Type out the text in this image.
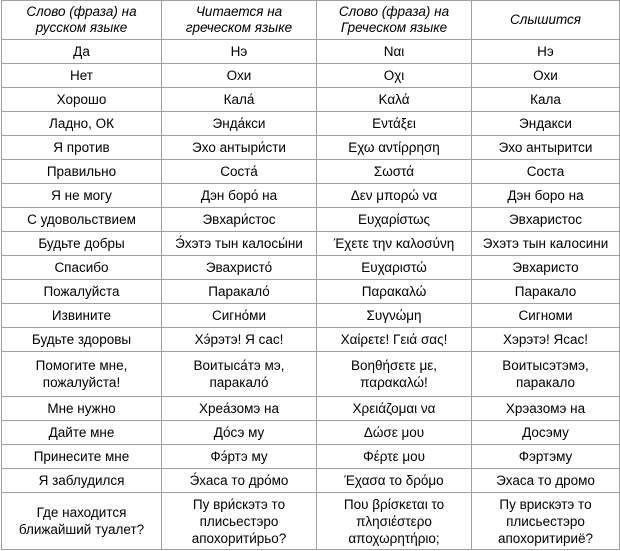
Слово (фраза) на русском языке	Читается на греческом языке	Слово (фраза) на Греческом языке	Слышится
Да	Нэ	Ναι	Нэ
Нет	Охи	Οχι	Охи
Хорошо	Кала́	Καλά	Кала
Ладно, ОК	Энда́кси	Εντάξει	Эндакси
Я против	Эхо антыри́сти	Εχω αντίρρηση	Эхо антыритси
Правильно	Соста́	Σωστά	Соста
Я не могу	Дэн боро́ на	Δεν μπορώ να	Дэн боро на
С удовольствием	Эвхари́стос	Ευχαρίστως	Эвхаристос
Будьте добры	Э́хэтэ тын калосы́ни	Έχετε την καλοσύνη	Эхэтэ тын калосини
Спасибо	Эвахристо́	Ευχαριστώ	Эвхаристо
Пожалуйста	Паракало́	Παρακαλώ	Паракало
Извините	Сигно́ми	Συγνώμη	Сигноми
Будьте здоровы	Хэ́рэтэ! Я сас!	Χαίρετε! Γειά σας!	Хэрэтэ! Ясас!
Помогите мне, пожалуйста!	Воитыса́тэ мэ, паракало́	Βοηθήσετε με, παρακαλώ!	Воитысэтэмэ, паракало
Мне нужно	Хреа́зомэ на	Χρειάζομαι να	Хрэазомэ на
Дайте мне	До́сэ му	Δώσε μου	Досэму
Принесите мне	Фэ́ртэ му	Φέρτε μου	Фэртэму
Я заблудился	Э́хаса то дро́мо	Έχασα το δρόμο	Эхаса то дромо
Где находится ближайший туалет?	Пу ври́скэтэ то плисьестэро апохорити́рьо?	Που βρίσκεται το πλησιέστερο αποχωρητήριο;	Пу врискэтэ то плисьестэро апохоритириё?
